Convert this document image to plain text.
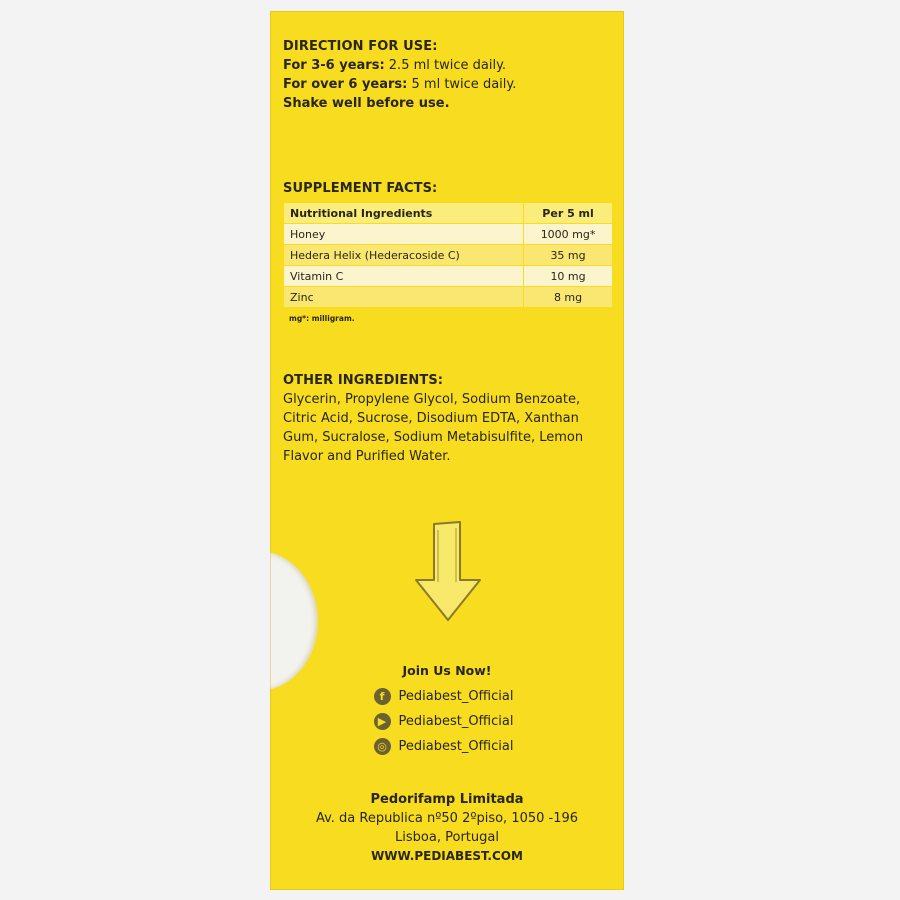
DIRECTION FOR USE:
For 3-6 years: 2.5 ml twice daily.
For over 6 years: 5 ml twice daily.
Shake well before use.
SUPPLEMENT FACTS:
Nutritional Ingredients	Per 5 ml
Honey	1000 mg*
Hedera Helix (Hederacoside C)	35 mg
Vitamin C	10 mg
Zinc	8 mg
mg*: milligram.
OTHER INGREDIENTS:
Glycerin, Propylene Glycol, Sodium Benzoate,
Citric Acid, Sucrose, Disodium EDTA, Xanthan
Gum, Sucralose, Sodium Metabisulfite, Lemon
Flavor and Purified Water.
Join Us Now!
f	Pediabest_Official
▶ Pediabest_Official
◎ Pediabest_Official
Pedorifamp Limitada
Av. da Republica nº50 2ºpiso, 1050 -196
Lisboa, Portugal
WWW.PEDIABEST.COM
